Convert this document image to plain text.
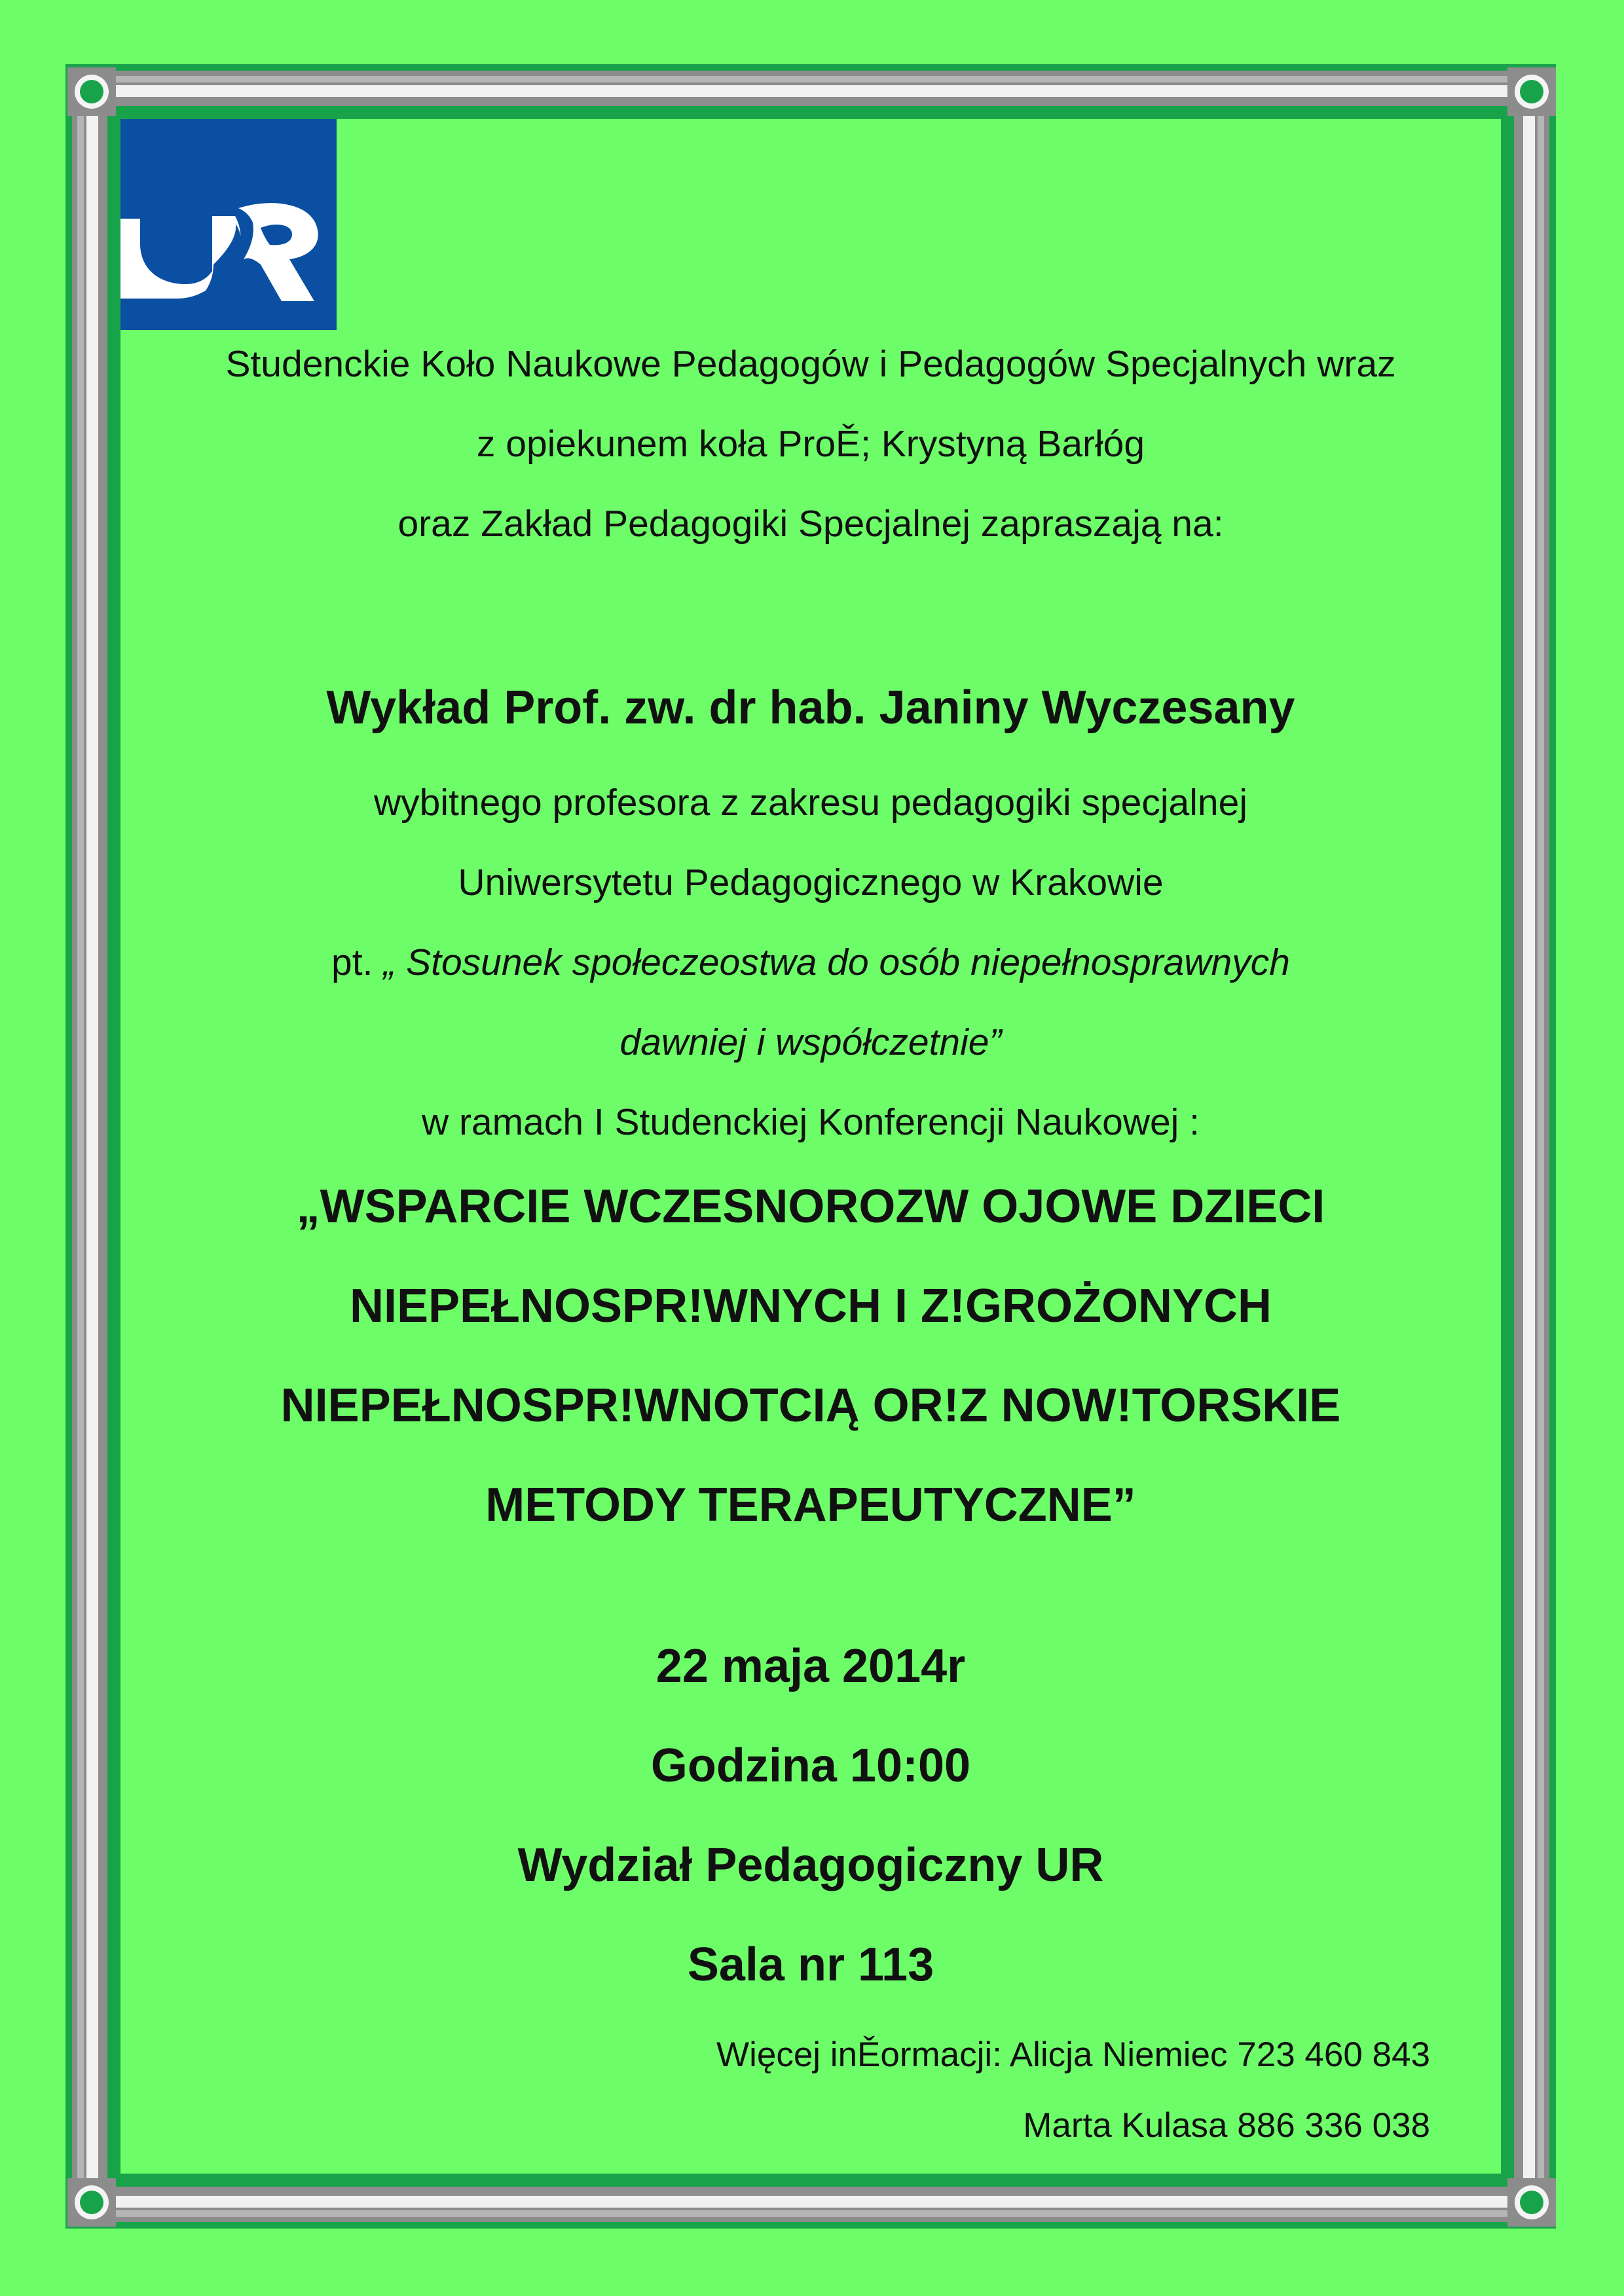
Studenckie Koło Naukowe Pedagogów i Pedagogów Specjalnych wraz
z opiekunem koła ProĚ; Krystyną Barłóg
oraz Zakład Pedagogiki Specjalnej zapraszają na:
Wykład Prof. zw. dr hab. Janiny Wyczesany
wybitnego profesora z zakresu pedagogiki specjalnej
Uniwersytetu Pedagogicznego w Krakowie
pt. „ Stosunek społeczeostwa do osób niepełnosprawnych
dawniej i współczetnie”
w ramach I Studenckiej Konferencji Naukowej :
„WSPARCIE WCZESNOROZW OJOWE DZIECI
NIEPEŁNOSPR!WNYCH I Z!GROŻONYCH
NIEPEŁNOSPR!WNOTCIĄ OR!Z NOW!TORSKIE
METODY TERAPEUTYCZNE”
22 maja 2014r
Godzina 10:00
Wydział Pedagogiczny UR
Sala nr 113
Więcej inĚormacji: Alicja Niemiec 723 460 843
Marta Kulasa 886 336 038
